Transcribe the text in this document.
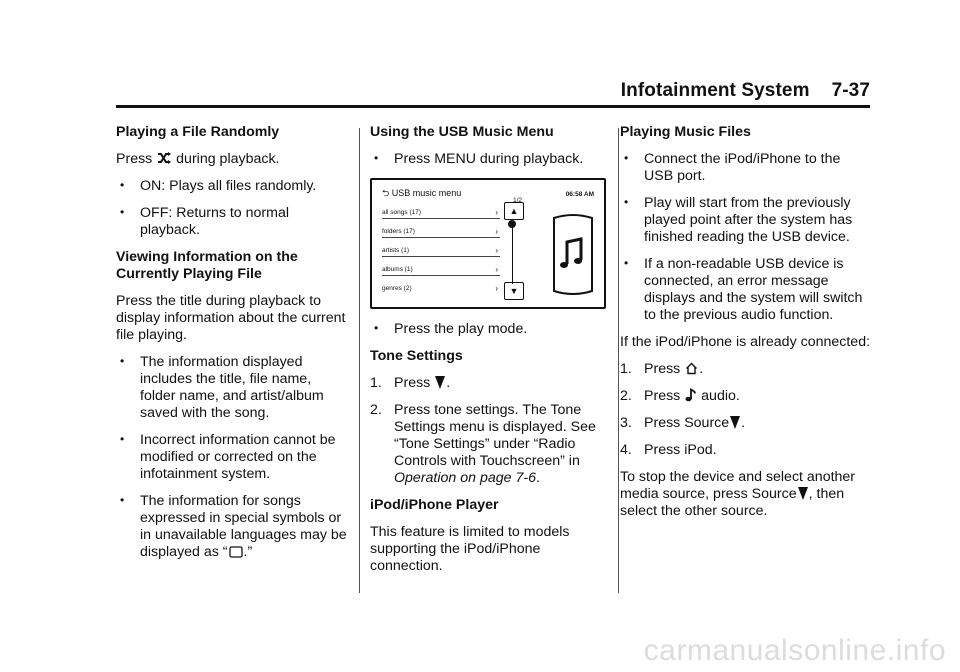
Infotainment System 7-37
Playing a File Randomly

Press during playback.

• ON: Plays all files randomly.
• OFF: Returns to normal playback.
Viewing Information on the Currently Playing File

Press the title during playback to display information about the current file playing.

• The information displayed includes the title, file name, folder name, and artist/album saved with the song.
• Incorrect information cannot be modified or corrected on the infotainment system.
• The information for songs expressed in special symbols or in unavailable languages may be displayed as “ .”
Using the USB Music Menu
• Press MENU during playback.
⮌ USB music menu	06:58 AM
1/2
all songs (17)	›
folders (17)	›
artists (1)	›
albums (1)	›
genres (2)	›
▲
▼
• Press the play mode.
Tone Settings
1. Press .
2. Press tone settings. The Tone Settings menu is displayed. See “Tone Settings” under “Radio Controls with Touchscreen” in Operation on page 7-6.
iPod/iPhone Player

This feature is limited to models supporting the iPod/iPhone connection.

Playing Music Files
• Connect the iPod/iPhone to the USB port.
• Play will start from the previously played point after the system has finished reading the USB device.
• If a non-readable USB device is connected, an error message displays and the system will switch to the previous audio function.

If the iPod/iPhone is already connected:

1. Press .
2. Press audio.
3. Press Source .
4. Press iPod.

To stop the device and select another media source, press Source , then select the other source.

carmanualsonline.info
